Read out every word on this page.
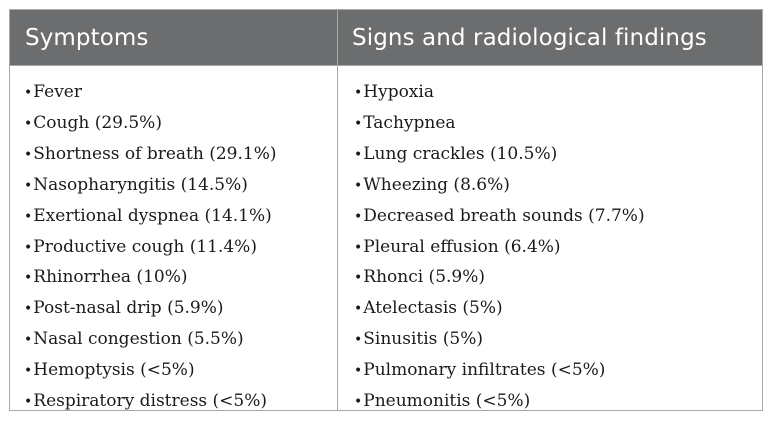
Symptoms	Signs and radiological findings
•Fever
•Cough (29.5%)
•Shortness of breath (29.1%)
•Nasopharyngitis (14.5%)
•Exertional dyspnea (14.1%)
•Productive cough (11.4%)
•Rhinorrhea (10%)
•Post-nasal drip (5.9%)
•Nasal congestion (5.5%)
•Hemoptysis (<5%)
•Respiratory distress (<5%)
•Hypoxia
•Tachypnea
•Lung crackles (10.5%)
•Wheezing (8.6%)
•Decreased breath sounds (7.7%)
•Pleural effusion (6.4%)
•Rhonci (5.9%)
•Atelectasis (5%)
•Sinusitis (5%)
•Pulmonary infiltrates (<5%)
•Pneumonitis (<5%)
